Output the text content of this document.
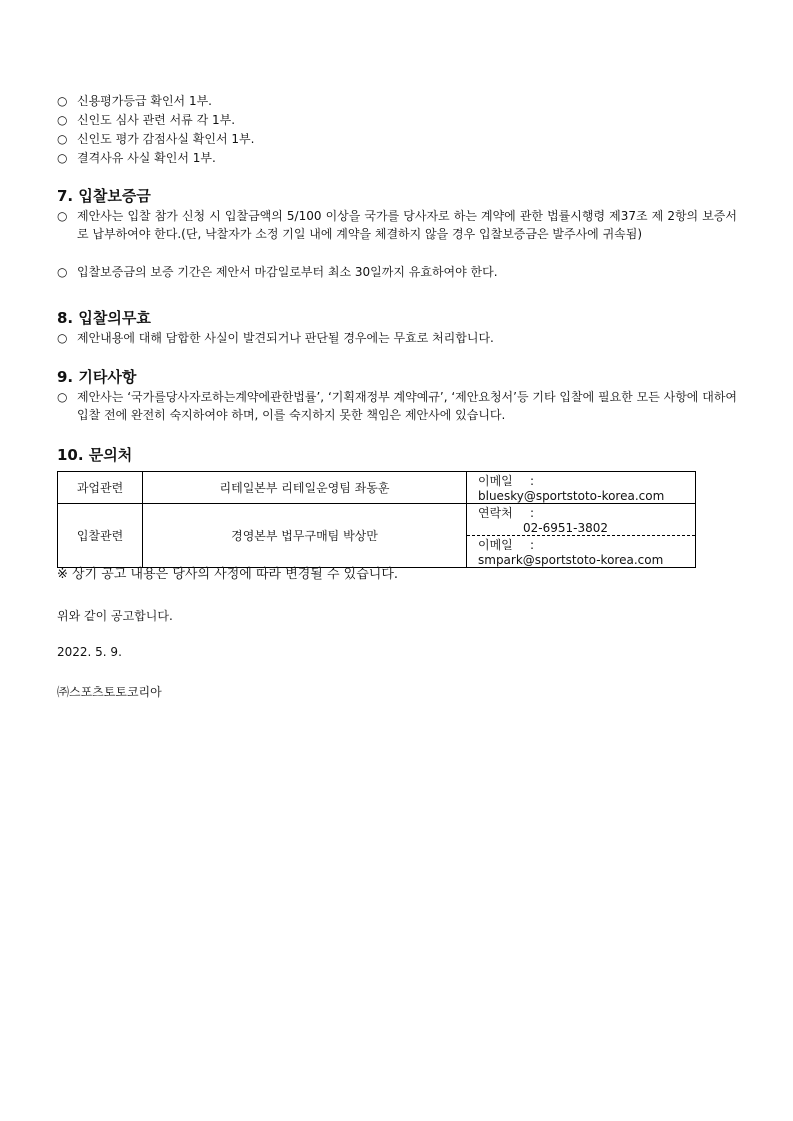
○ 신용평가등급 확인서 1부.
○ 신인도 심사 관련 서류 각 1부.
○ 신인도 평가 감점사실 확인서 1부.
○ 결격사유 사실 확인서 1부.
7. 입찰보증금
○ 제안사는 입찰 참가 신청 시 입찰금액의 5/100 이상을 국가를 당사자로 하는 계약에 관한 법률시행령 제37조 제 2항의 보증서로 납부하여야 한다.(단, 낙찰자가 소정 기일 내에 계약을 체결하지 않을 경우 입찰보증금은 발주사에 귀속됨)
○ 입찰보증금의 보증 기간은 제안서 마감일로부터 최소 30일까지 유효하여야 한다.
8. 입찰의무효
○ 제안내용에 대해 담합한 사실이 발견되거나 판단될 경우에는 무효로 처리합니다.
9. 기타사항
○ 제안사는 ‘국가를당사자로하는계약에관한법률’, ‘기획재정부 계약예규’, ‘제안요청서’등 기타 입찰에 필요한 모든 사항에 대하여 입찰 전에 완전히 숙지하여야 하며, 이를 숙지하지 못한 책임은 제안사에 있습니다.
10. 문의처
과업관련	리테일본부 리테일운영팀 좌동훈	이메일 :bluesky@sportstoto-korea.com
입찰관련	경영본부 법무구매팀 박상만	연락처 :02-6951-3802
		이메일 :smpark@sportstoto-korea.com
※ 상기 공고 내용은 당사의 사정에 따라 변경될 수 있습니다.
위와 같이 공고합니다.
2022. 5. 9.
㈜스포츠토토코리아
